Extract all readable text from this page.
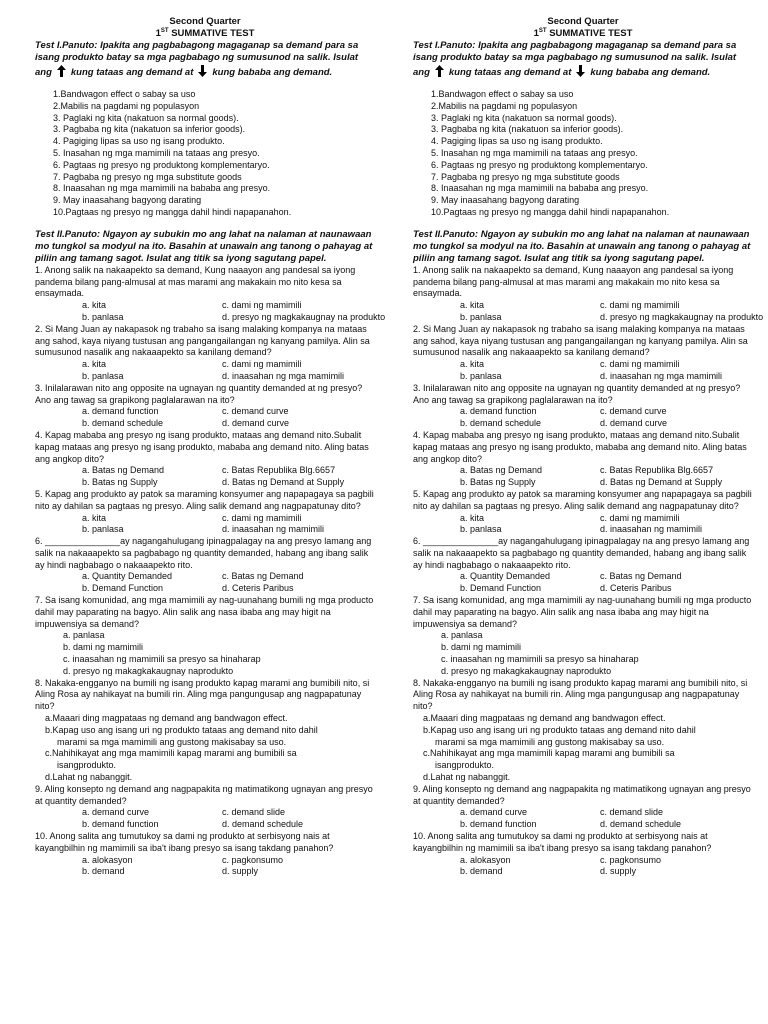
Second Quarter
1ST SUMMATIVE TEST
Test I.Panuto: Ipakita ang pagbabagong magaganap sa demand para sa isang produkto batay sa mga pagbabago ng sumusunod na salik. Isulat ang kung tataas ang demand at kung bababa ang demand.
1.Bandwagon effect o sabay sa uso
2.Mabilis na pagdami ng populasyon
3. Paglaki ng kita (nakatuon sa normal goods).
3. Pagbaba ng kita (nakatuon sa inferior goods).
4. Pagiging lipas sa uso ng isang produkto.
5. Inasahan ng mga mamimili na tataas ang presyo.
6. Pagtaas ng presyo ng produktong komplementaryo.
7. Pagbaba ng presyo ng mga substitute goods
8. Inaasahan ng mga mamimili na bababa ang presyo.
9. May inaasahang bagyong darating
10.Pagtaas ng presyo ng mangga dahil hindi napapanahon.
Test II.Panuto: Ngayon ay subukin mo ang lahat na nalaman at naunawaan mo tungkol sa modyul na ito. Basahin at unawain ang tanong o pahayag at piliin ang tamang sagot. Isulat ang titik sa iyong sagutang papel.
1. Anong salik na nakaapekto sa demand, Kung naaayon ang pandesal sa iyong pandema bilang pang-almusal at mas marami ang makakain mo nito kesa sa ensaymada.
a. kita	c. dami ng mamimili
b. panlasa	d. presyo ng magkakaugnay na produkto
2. Si Mang Juan ay nakapasok ng trabaho sa isang malaking kompanya na mataas ang sahod, kaya niyang tustusan ang pangangailangan ng kanyang pamilya. Alin sa sumusunod nasalik ang nakaaapekto sa kanilang demand?
a. kita	c. dami ng mamimili
b. panlasa	d. inaasahan ng mga mamimili
3. Inilalarawan nito ang opposite na ugnayan ng quantity demanded at ng presyo? Ano ang tawag sa grapikong paglalarawan na ito?
a. demand function	c. demand curve
b. demand schedule	d. demand curve
4. Kapag mababa ang presyo ng isang produkto, mataas ang demand nito.Subalit kapag mataas ang presyo ng isang produkto, mababa ang demand nito. Aling batas ang angkop dito?
a. Batas ng Demand	c. Batas Republika Blg.6657
b. Batas ng Supply	d. Batas ng Demand at Supply
5. Kapag ang produkto ay patok sa maraming konsyumer ang napapagaya sa pagbili nito ay dahilan sa pagtaas ng presyo. Aling salik demand ang nagpapatunay dito?
a. kita	c. dami ng mamimili
b. panlasa	d. inaasahan ng mamimili
6. _______________ay nagangahulugang ipinagpalagay na ang presyo lamang ang salik na nakaaapekto sa pagbabago ng quantity demanded, habang ang ibang salik ay hindi nagbabago o nakaaapekto rito.
a. Quantity Demanded	c. Batas ng Demand
b. Demand Function	d. Ceteris Paribus
7. Sa isang komunidad, ang mga mamimili ay nag-uunahang bumili ng mga producto dahil may paparating na bagyo. Alin salik ang nasa ibaba ang may higit na impuwensiya sa demand?
a. panlasa
b. dami ng mamimili
c. inaasahan ng mamimili sa presyo sa hinaharap
d. presyo ng makagkakaugnay naprodukto
8. Nakaka-engganyo na bumili ng isang produkto kapag marami ang bumibili nito, si Aling Rosa ay nahikayat na bumili rin. Aling mga pangungusap ang nagpapatunay nito?
a.Maaari ding magpataas ng demand ang bandwagon effect.
b.Kapag uso ang isang uri ng produkto tataas ang demand nito dahil
marami sa mga mamimili ang gustong makisabay sa uso.
c.Nahihikayat ang mga mamimili kapag marami ang bumibili sa
isangprodukto.
d.Lahat ng nabanggit.
9. Aling konsepto ng demand ang nagpapakita ng matimatikong ugnayan ang presyo at quantity demanded?
a. demand curve	c. demand slide
b. demand function	d. demand schedule
10. Anong salita ang tumutukoy sa dami ng produkto at serbisyong nais at kayangbilhin ng mamimili sa iba't ibang presyo sa isang takdang panahon?
a. alokasyon	c. pagkonsumo
b. demand	d. supply
Second Quarter
1ST SUMMATIVE TEST
Test I.Panuto: Ipakita ang pagbabagong magaganap sa demand para sa isang produkto batay sa mga pagbabago ng sumusunod na salik. Isulat ang kung tataas ang demand at kung bababa ang demand.
1.Bandwagon effect o sabay sa uso
2.Mabilis na pagdami ng populasyon
3. Paglaki ng kita (nakatuon sa normal goods).
3. Pagbaba ng kita (nakatuon sa inferior goods).
4. Pagiging lipas sa uso ng isang produkto.
5. Inasahan ng mga mamimili na tataas ang presyo.
6. Pagtaas ng presyo ng produktong komplementaryo.
7. Pagbaba ng presyo ng mga substitute goods
8. Inaasahan ng mga mamimili na bababa ang presyo.
9. May inaasahang bagyong darating
10.Pagtaas ng presyo ng mangga dahil hindi napapanahon.
Test II.Panuto: Ngayon ay subukin mo ang lahat na nalaman at naunawaan mo tungkol sa modyul na ito. Basahin at unawain ang tanong o pahayag at piliin ang tamang sagot. Isulat ang titik sa iyong sagutang papel.
1. Anong salik na nakaapekto sa demand, Kung naaayon ang pandesal sa iyong pandema bilang pang-almusal at mas marami ang makakain mo nito kesa sa ensaymada.
a. kita	c. dami ng mamimili
b. panlasa	d. presyo ng magkakaugnay na produkto
2. Si Mang Juan ay nakapasok ng trabaho sa isang malaking kompanya na mataas ang sahod, kaya niyang tustusan ang pangangailangan ng kanyang pamilya. Alin sa sumusunod nasalik ang nakaaapekto sa kanilang demand?
a. kita	c. dami ng mamimili
b. panlasa	d. inaasahan ng mga mamimili
3. Inilalarawan nito ang opposite na ugnayan ng quantity demanded at ng presyo? Ano ang tawag sa grapikong paglalarawan na ito?
a. demand function	c. demand curve
b. demand schedule	d. demand curve
4. Kapag mababa ang presyo ng isang produkto, mataas ang demand nito.Subalit kapag mataas ang presyo ng isang produkto, mababa ang demand nito. Aling batas ang angkop dito?
a. Batas ng Demand	c. Batas Republika Blg.6657
b. Batas ng Supply	d. Batas ng Demand at Supply
5. Kapag ang produkto ay patok sa maraming konsyumer ang napapagaya sa pagbili nito ay dahilan sa pagtaas ng presyo. Aling salik demand ang nagpapatunay dito?
a. kita	c. dami ng mamimili
b. panlasa	d. inaasahan ng mamimili
6. _______________ay nagangahulugang ipinagpalagay na ang presyo lamang ang salik na nakaaapekto sa pagbabago ng quantity demanded, habang ang ibang salik ay hindi nagbabago o nakaaapekto rito.
a. Quantity Demanded	c. Batas ng Demand
b. Demand Function	d. Ceteris Paribus
7. Sa isang komunidad, ang mga mamimili ay nag-uunahang bumili ng mga producto dahil may paparating na bagyo. Alin salik ang nasa ibaba ang may higit na impuwensiya sa demand?
a. panlasa
b. dami ng mamimili
c. inaasahan ng mamimili sa presyo sa hinaharap
d. presyo ng makagkakaugnay naprodukto
8. Nakaka-engganyo na bumili ng isang produkto kapag marami ang bumibili nito, si Aling Rosa ay nahikayat na bumili rin. Aling mga pangungusap ang nagpapatunay nito?
a.Maaari ding magpataas ng demand ang bandwagon effect.
b.Kapag uso ang isang uri ng produkto tataas ang demand nito dahil
marami sa mga mamimili ang gustong makisabay sa uso.
c.Nahihikayat ang mga mamimili kapag marami ang bumibili sa
isangprodukto.
d.Lahat ng nabanggit.
9. Aling konsepto ng demand ang nagpapakita ng matimatikong ugnayan ang presyo at quantity demanded?
a. demand curve	c. demand slide
b. demand function	d. demand schedule
10. Anong salita ang tumutukoy sa dami ng produkto at serbisyong nais at kayangbilhin ng mamimili sa iba't ibang presyo sa isang takdang panahon?
a. alokasyon	c. pagkonsumo
b. demand	d. supply
